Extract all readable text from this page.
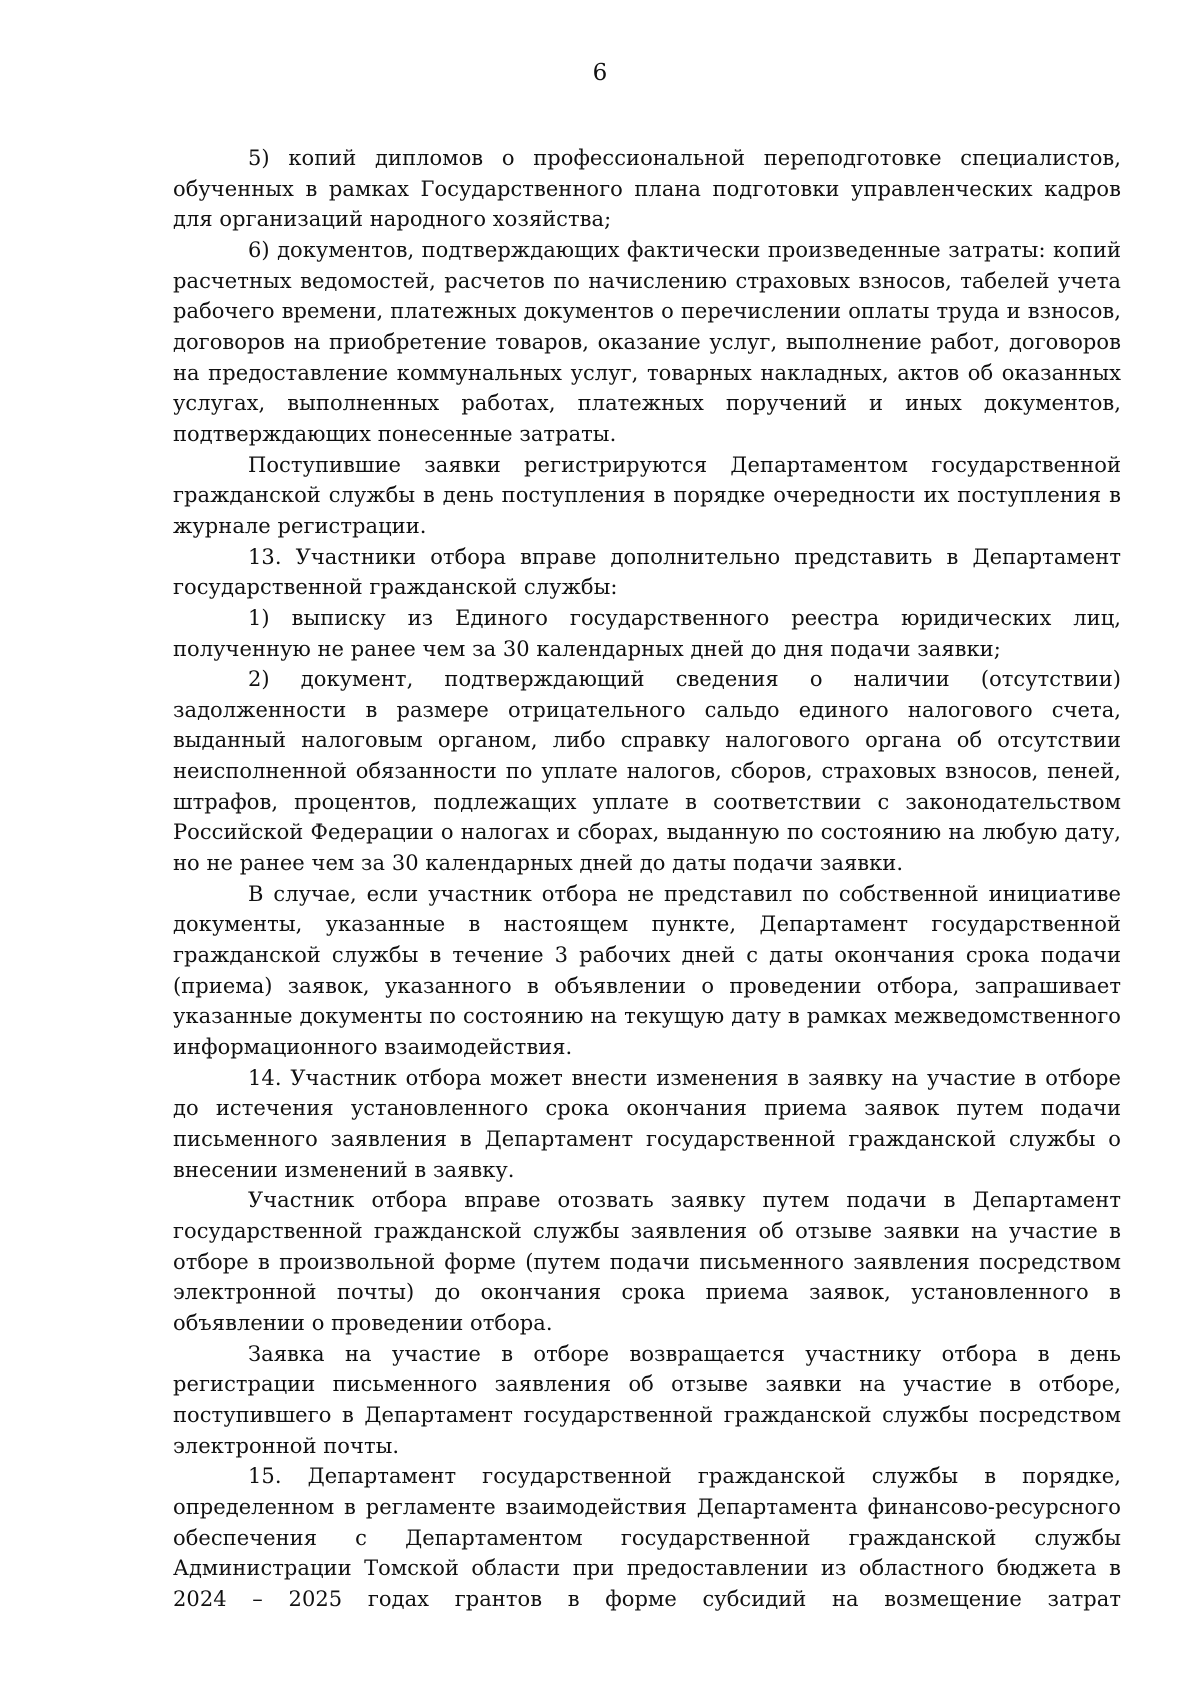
6

5) копий дипломов о профессиональной переподготовке специалистов, обученных в рамках Государственного плана подготовки управленческих кадров для организаций народного хозяйства;

6) документов, подтверждающих фактически произведенные затраты: копий расчетных ведомостей, расчетов по начислению страховых взносов, табелей учета рабочего времени, платежных документов о перечислении оплаты труда и взносов, договоров на приобретение товаров, оказание услуг, выполнение работ, договоров на предоставление коммунальных услуг, товарных накладных, актов об оказанных услугах, выполненных работах, платежных поручений и иных документов, подтверждающих понесенные затраты.

Поступившие заявки регистрируются Департаментом государственной гражданской службы в день поступления в порядке очередности их поступления в журнале регистрации.

13. Участники отбора вправе дополнительно представить в Департамент государственной гражданской службы:

1) выписку из Единого государственного реестра юридических лиц, полученную не ранее чем за 30 календарных дней до дня подачи заявки;

2) документ, подтверждающий сведения о наличии (отсутствии) задолженности в размере отрицательного сальдо единого налогового счета, выданный налоговым органом, либо справку налогового органа об отсутствии неисполненной обязанности по уплате налогов, сборов, страховых взносов, пеней, штрафов, процентов, подлежащих уплате в соответствии с законодательством Российской Федерации о налогах и сборах, выданную по состоянию на любую дату, но не ранее чем за 30 календарных дней до даты подачи заявки.

В случае, если участник отбора не представил по собственной инициативе документы, указанные в настоящем пункте, Департамент государственной гражданской службы в течение 3 рабочих дней с даты окончания срока подачи (приема) заявок, указанного в объявлении о проведении отбора, запрашивает указанные документы по состоянию на текущую дату в рамках межведомственного информационного взаимодействия.

14. Участник отбора может внести изменения в заявку на участие в отборе до истечения установленного срока окончания приема заявок путем подачи письменного заявления в Департамент государственной гражданской службы о внесении изменений в заявку.

Участник отбора вправе отозвать заявку путем подачи в Департамент государственной гражданской службы заявления об отзыве заявки на участие в отборе в произвольной форме (путем подачи письменного заявления посредством электронной почты) до окончания срока приема заявок, установленного в объявлении о проведении отбора.

Заявка на участие в отборе возвращается участнику отбора в день регистрации письменного заявления об отзыве заявки на участие в отборе, поступившего в Департамент государственной гражданской службы посредством электронной почты.

15. Департамент государственной гражданской службы в порядке, определенном в регламенте взаимодействия Департамента финансово-ресурсного обеспечения с Департаментом государственной гражданской службы Администрации Томской области при предоставлении из областного бюджета в 2024 – 2025 годах грантов в форме субсидий на возмещение затрат
